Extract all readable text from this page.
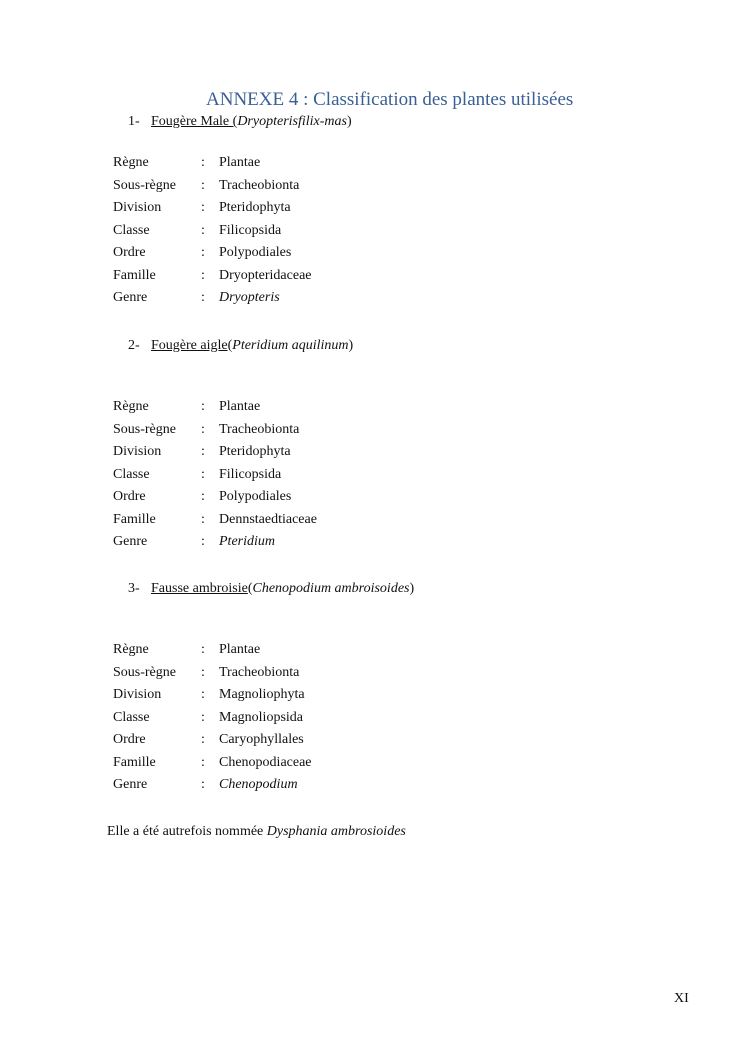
ANNEXE 4 : Classification des plantes utilisées
1- Fougère Male (Dryopterisfilix-mas)
Règne	: Plantae
Sous-règne : Tracheobionta
Division	: Pteridophyta
Classe	: Filicopsida
Ordre	: Polypodiales
Famille	: Dryopteridaceae
Genre	: Dryopteris
2- Fougère aigle(Pteridium aquilinum)
Règne	: Plantae
Sous-règne : Tracheobionta
Division	: Pteridophyta
Classe	: Filicopsida
Ordre	: Polypodiales
Famille	: Dennstaedtiaceae
Genre	: Pteridium
3- Fausse ambroisie(Chenopodium ambroisoides)
Règne	: Plantae
Sous-règne : Tracheobionta
Division	: Magnoliophyta
Classe	: Magnoliopsida
Ordre	: Caryophyllales
Famille	: Chenopodiaceae
Genre	: Chenopodium
Elle a été autrefois nommée Dysphania ambrosioides
XI
